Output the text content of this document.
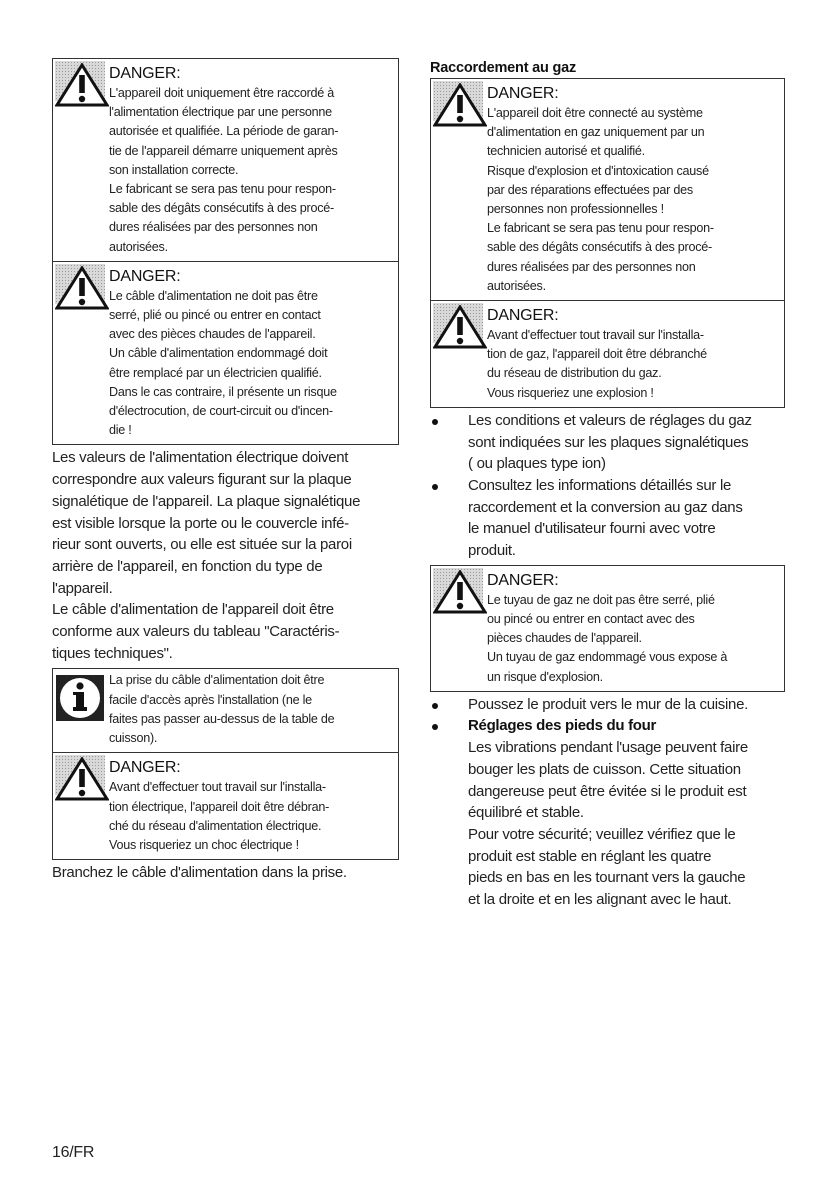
DANGER:
L'appareil doit uniquement être raccordé à
l'alimentation électrique par une personne
autorisée et qualifiée. La période de garan-
tie de l'appareil démarre uniquement après
son installation correcte.
Le fabricant se sera pas tenu pour respon-
sable des dégâts consécutifs à des procé-
dures réalisées par des personnes non
autorisées.
DANGER:
Le câble d'alimentation ne doit pas être
serré, plié ou pincé ou entrer en contact
avec des pièces chaudes de l'appareil.
Un câble d'alimentation endommagé doit
être remplacé par un électricien qualifié.
Dans le cas contraire, il présente un risque
d'électrocution, de court-circuit ou d'incen-
die !
Les valeurs de l'alimentation électrique doivent
correspondre aux valeurs figurant sur la plaque
signalétique de l'appareil. La plaque signalétique
est visible lorsque la porte ou le couvercle infé-
rieur sont ouverts, ou elle est située sur la paroi
arrière de l'appareil, en fonction du type de
l'appareil.
Le câble d'alimentation de l'appareil doit être
conforme aux valeurs du tableau "Caractéris-
tiques techniques".
La prise du câble d'alimentation doit être
facile d'accès après l'installation (ne le
faites pas passer au-dessus de la table de
cuisson).
DANGER:
Avant d'effectuer tout travail sur l'installa-
tion électrique, l'appareil doit être débran-
ché du réseau d'alimentation électrique.
Vous risqueriez un choc électrique !
Branchez le câble d'alimentation dans la prise.
Raccordement au gaz
DANGER:
L'appareil doit être connecté au système
d'alimentation en gaz uniquement par un
technicien autorisé et qualifié.
Risque d'explosion et d'intoxication causé
par des réparations effectuées par des
personnes non professionnelles !
Le fabricant se sera pas tenu pour respon-
sable des dégâts consécutifs à des procé-
dures réalisées par des personnes non
autorisées.
DANGER:
Avant d'effectuer tout travail sur l'installa-
tion de gaz, l'appareil doit être débranché
du réseau de distribution du gaz.
Vous risqueriez une explosion !
Les conditions et valeurs de réglages du gaz
sont indiquées sur les plaques signalétiques
( ou plaques type ion)
Consultez les informations détaillés sur le
raccordement et la conversion au gaz dans
le manuel d'utilisateur fourni avec votre
produit.
DANGER:
Le tuyau de gaz ne doit pas être serré, plié
ou pincé ou entrer en contact avec des
pièces chaudes de l'appareil.
Un tuyau de gaz endommagé vous expose à
un risque d'explosion.
Poussez le produit vers le mur de la cuisine.
Réglages des pieds du four
Les vibrations pendant l'usage peuvent faire
bouger les plats de cuisson. Cette situation
dangereuse peut être évitée si le produit est
équilibré et stable.
Pour votre sécurité; veuillez vérifiez que le
produit est stable en réglant les quatre
pieds en bas en les tournant vers la gauche
et la droite et en les alignant avec le haut.
16/FR
